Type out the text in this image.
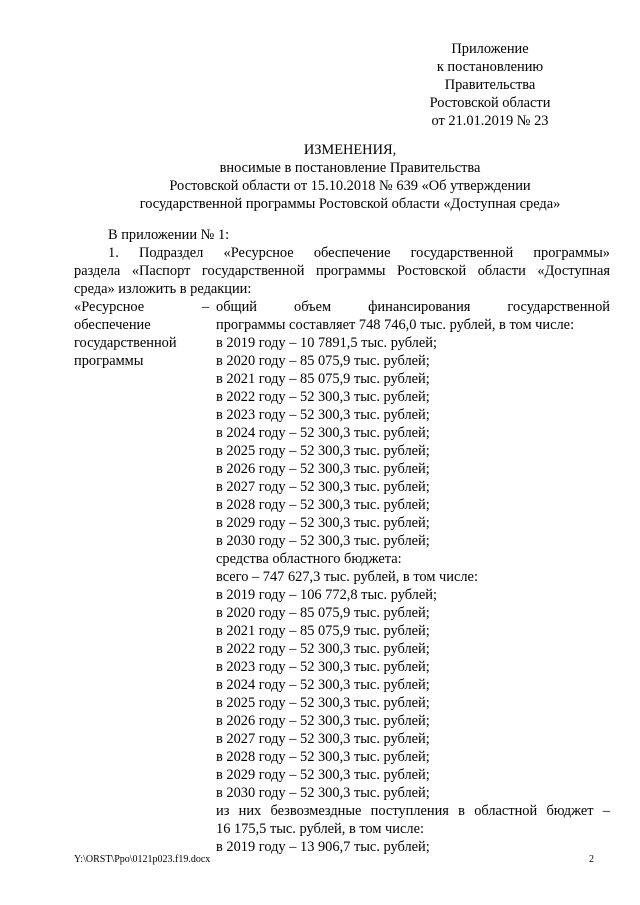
Приложение
к постановлению
Правительства
Ростовской области
от 21.01.2019 № 23
ИЗМЕНЕНИЯ,
вносимые в постановление Правительства
Ростовской области от 15.10.2018 № 639 «Об утверждении
государственной программы Ростовской области «Доступная среда»
В приложении № 1:
1. Подраздел «Ресурсное обеспечение государственной программы»
раздела «Паспорт государственной программы Ростовской области «Доступная
среда» изложить в редакции:
«Ресурсное
обеспечение
государственной
программы
– общий объем финансирования государственной
программы составляет 748 746,0 тыс. рублей, в том числе:
в 2019 году – 10 7891,5 тыс. рублей;
в 2020 году – 85 075,9 тыс. рублей;
в 2021 году – 85 075,9 тыс. рублей;
в 2022 году – 52 300,3 тыс. рублей;
в 2023 году – 52 300,3 тыс. рублей;
в 2024 году – 52 300,3 тыс. рублей;
в 2025 году – 52 300,3 тыс. рублей;
в 2026 году – 52 300,3 тыс. рублей;
в 2027 году – 52 300,3 тыс. рублей;
в 2028 году – 52 300,3 тыс. рублей;
в 2029 году – 52 300,3 тыс. рублей;
в 2030 году – 52 300,3 тыс. рублей;
средства областного бюджета:
всего – 747 627,3 тыс. рублей, в том числе:
в 2019 году – 106 772,8 тыс. рублей;
в 2020 году – 85 075,9 тыс. рублей;
в 2021 году – 85 075,9 тыс. рублей;
в 2022 году – 52 300,3 тыс. рублей;
в 2023 году – 52 300,3 тыс. рублей;
в 2024 году – 52 300,3 тыс. рублей;
в 2025 году – 52 300,3 тыс. рублей;
в 2026 году – 52 300,3 тыс. рублей;
в 2027 году – 52 300,3 тыс. рублей;
в 2028 году – 52 300,3 тыс. рублей;
в 2029 году – 52 300,3 тыс. рублей;
в 2030 году – 52 300,3 тыс. рублей;
из них безвозмездные поступления в областной бюджет –
16 175,5 тыс. рублей, в том числе:
в 2019 году – 13 906,7 тыс. рублей;
Y:\ORST\Ppo\0121p023.f19.docx	2
